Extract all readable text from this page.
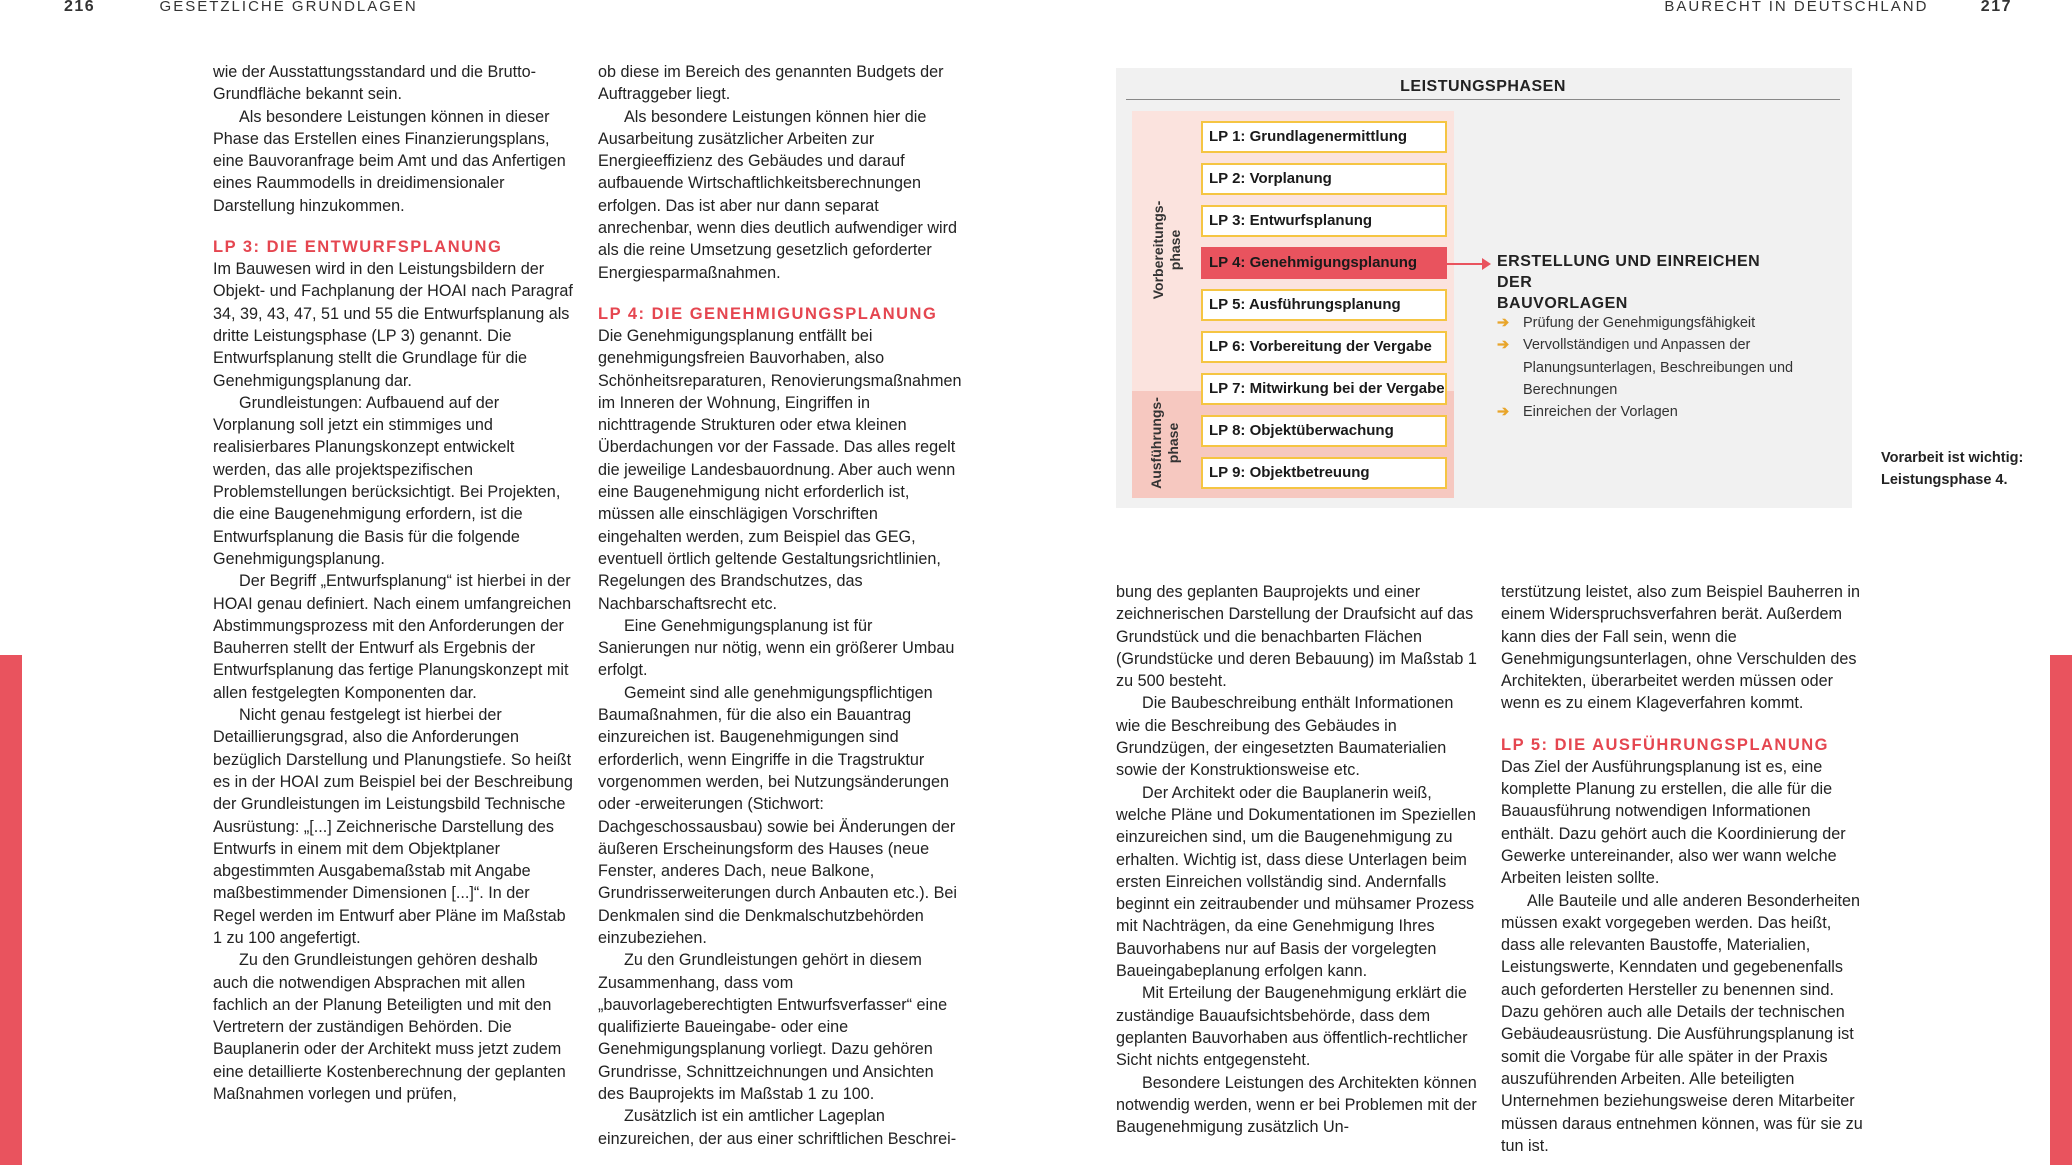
216	GESETZLICHE GRUNDLAGEN	BAURECHT IN DEUTSCHLAND	217

wie der Ausstattungsstandard und die Brutto-Grundfläche bekannt sein.

Als besondere Leistungen können in dieser Phase das Erstellen eines Finanzierungsplans, eine Bauvoranfrage beim Amt und das Anfertigen eines Raummodells in dreidimensionaler Darstellung hinzukommen.

LP 3: DIE ENTWURFSPLANUNG

Im Bauwesen wird in den Leistungsbildern der Objekt- und Fachplanung der HOAI nach Paragraf 34, 39, 43, 47, 51 und 55 die Entwurfsplanung als dritte Leistungsphase (LP 3) genannt. Die Entwurfsplanung stellt die Grundlage für die Genehmigungsplanung dar.

Grundleistungen: Aufbauend auf der Vorplanung soll jetzt ein stimmiges und realisierbares Planungskonzept entwickelt werden, das alle projektspezifischen Problemstellungen berücksichtigt. Bei Projekten, die eine Baugenehmigung erfordern, ist die Entwurfsplanung die Basis für die folgende Genehmigungsplanung.

Der Begriff „Entwurfsplanung“ ist hierbei in der HOAI genau definiert. Nach einem umfangreichen Abstimmungsprozess mit den Anforderungen der Bauherren stellt der Entwurf als Ergebnis der Entwurfsplanung das fertige Planungskonzept mit allen festgelegten Komponenten dar.

Nicht genau festgelegt ist hierbei der Detaillierungsgrad, also die Anforderungen bezüglich Darstellung und Planungstiefe. So heißt es in der HOAI zum Beispiel bei der Beschreibung der Grundleistungen im Leistungsbild Technische Ausrüstung: „[...] Zeichnerische Darstellung des Entwurfs in einem mit dem Objektplaner abgestimmten Ausgabemaßstab mit Angabe maßbestimmender Dimensionen [...]“. In der Regel werden im Entwurf aber Pläne im Maßstab 1 zu 100 angefertigt.

Zu den Grundleistungen gehören deshalb auch die notwendigen Absprachen mit allen fachlich an der Planung Beteiligten und mit den Vertretern der zuständigen Behörden. Die Bauplanerin oder der Architekt muss jetzt zudem eine detaillierte Kostenberechnung der geplanten Maßnahmen vorlegen und prüfen,

ob diese im Bereich des genannten Budgets der Auftraggeber liegt.

Als besondere Leistungen können hier die Ausarbeitung zusätzlicher Arbeiten zur Energieeffizienz des Gebäudes und darauf aufbauende Wirtschaftlichkeitsberechnungen erfolgen. Das ist aber nur dann separat anrechenbar, wenn dies deutlich aufwendiger wird als die reine Umsetzung gesetzlich geforderter Energiesparmaßnahmen.

LP 4: DIE GENEHMIGUNGSPLANUNG

Die Genehmigungsplanung entfällt bei genehmigungsfreien Bauvorhaben, also Schönheitsreparaturen, Renovierungsmaßnahmen im Inneren der Wohnung, Eingriffen in nichttragende Strukturen oder etwa kleinen Überdachungen vor der Fassade. Das alles regelt die jeweilige Landesbauordnung. Aber auch wenn eine Baugenehmigung nicht erforderlich ist, müssen alle einschlägigen Vorschriften eingehalten werden, zum Beispiel das GEG, eventuell örtlich geltende Gestaltungsrichtlinien, Regelungen des Brandschutzes, das Nachbarschaftsrecht etc.

Eine Genehmigungsplanung ist für Sanierungen nur nötig, wenn ein größerer Umbau erfolgt.

Gemeint sind alle genehmigungspflichtigen Baumaßnahmen, für die also ein Bauantrag einzureichen ist. Baugenehmigungen sind erforderlich, wenn Eingriffe in die Tragstruktur vorgenommen werden, bei Nutzungsänderungen oder -erweiterungen (Stichwort: Dachgeschossausbau) sowie bei Änderungen der äußeren Erscheinungsform des Hauses (neue Fenster, anderes Dach, neue Balkone, Grundrisserweiterungen durch Anbauten etc.). Bei Denkmalen sind die Denkmalschutzbehörden einzubeziehen.

Zu den Grundleistungen gehört in diesem Zusammenhang, dass vom „bauvorlageberechtigten Entwurfsverfasser“ eine qualifizierte Baueingabe- oder eine Genehmigungsplanung vorliegt. Dazu gehören Grundrisse, Schnittzeichnungen und Ansichten des Bauprojekts im Maßstab 1 zu 100.

Zusätzlich ist ein amtlicher Lageplan einzureichen, der aus einer schriftlichen Beschrei-

bung des geplanten Bauprojekts und einer zeichnerischen Darstellung der Draufsicht auf das Grundstück und die benachbarten Flächen (Grundstücke und deren Bebauung) im Maßstab 1 zu 500 besteht.

Die Baubeschreibung enthält Informationen wie die Beschreibung des Gebäudes in Grundzügen, der eingesetzten Baumaterialien sowie der Konstruktionsweise etc.

Der Architekt oder die Bauplanerin weiß, welche Pläne und Dokumentationen im Speziellen einzureichen sind, um die Baugenehmigung zu erhalten. Wichtig ist, dass diese Unterlagen beim ersten Einreichen vollständig sind. Andernfalls beginnt ein zeitraubender und mühsamer Prozess mit Nachträgen, da eine Genehmigung Ihres Bauvorhabens nur auf Basis der vorgelegten Baueingabeplanung erfolgen kann.

Mit Erteilung der Baugenehmigung erklärt die zuständige Bauaufsichtsbehörde, dass dem geplanten Bauvorhaben aus öffentlich-rechtlicher Sicht nichts entgegensteht.

Besondere Leistungen des Architekten können notwendig werden, wenn er bei Problemen mit der Baugenehmigung zusätzlich Un-

terstützung leistet, also zum Beispiel Bauherren in einem Widerspruchsverfahren berät. Außerdem kann dies der Fall sein, wenn die Genehmigungsunterlagen, ohne Verschulden des Architekten, überarbeitet werden müssen oder wenn es zu einem Klageverfahren kommt.

LP 5: DIE AUSFÜHRUNGSPLANUNG

Das Ziel der Ausführungsplanung ist es, eine komplette Planung zu erstellen, die alle für die Bauausführung notwendigen Informationen enthält. Dazu gehört auch die Koordinierung der Gewerke untereinander, also wer wann welche Arbeiten leisten sollte.

Alle Bauteile und alle anderen Besonderheiten müssen exakt vorgegeben werden. Das heißt, dass alle relevanten Baustoffe, Materialien, Leistungswerte, Kenndaten und gegebenenfalls auch geforderten Hersteller zu benennen sind. Dazu gehören auch alle Details der technischen Gebäudeausrüstung. Die Ausführungsplanung ist somit die Vorgabe für alle später in der Praxis auszuführenden Arbeiten. Alle beteiligten Unternehmen beziehungsweise deren Mitarbeiter müssen daraus entnehmen können, was für sie zu tun ist.

LEISTUNGSPHASEN
Vorbereitungs- phase
Ausführungs- phase
LP 1: Grundlagenermittlung
LP 2: Vorplanung
LP 3: Entwurfsplanung
LP 4: Genehmigungsplanung
LP 5: Ausführungsplanung
LP 6: Vorbereitung der Vergabe
LP 7: Mitwirkung bei der Vergabe
LP 8: Objektüberwachung
LP 9: Objektbetreuung
ERSTELLUNG UND EINREICHEN DER
BAUVORLAGEN
➔ Prüfung der Genehmigungsfähigkeit
➔ Vervollständigen und Anpassen der Planungsunterlagen, Beschreibungen und Berechnungen
➔ Einreichen der Vorlagen
Vorarbeit ist wichtig: Leistungsphase 4.
